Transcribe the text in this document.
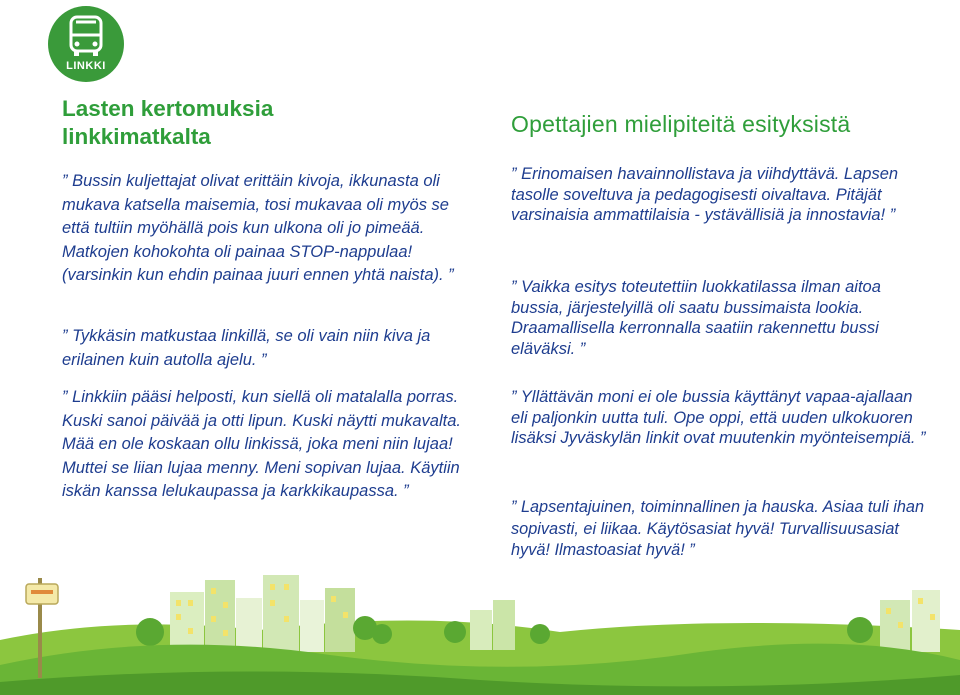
LINKKI
Lasten kertomuksia linkkimatkalta

” Bussin kuljettajat olivat erittäin kivoja, ikkunasta oli mukava katsella maisemia, tosi mukavaa oli myös se että tultiin myöhällä pois kun ulkona oli jo pimeää. Matkojen kohokohta oli painaa STOP-nappulaa! (varsinkin kun ehdin painaa juuri ennen yhtä naista). ”

” Tykkäsin matkustaa linkillä, se oli vain niin kiva ja erilainen kuin autolla ajelu. ”

” Linkkiin pääsi helposti, kun siellä oli matalalla porras. Kuski sanoi päivää ja otti lipun. Kuski näytti mukavalta. Mää en ole koskaan ollu linkissä, joka meni niin lujaa! Muttei se liian lujaa menny. Meni sopivan lujaa. Käytiin iskän kanssa lelukaupassa ja karkkikaupassa. ”

Opettajien mielipiteitä esityksistä

” Erinomaisen havainnollistava ja viihdyttävä. Lapsen tasolle soveltuva ja pedagogisesti oivaltava. Pitäjät varsinaisia ammattilaisia - ystävällisiä ja innostavia! ”

” Vaikka esitys toteutettiin luokkatilassa ilman aitoa bussia, järjestelyillä oli saatu bussimaista lookia. Draamallisella kerronnalla saatiin rakennettu bussi eläväksi. ”

” Yllättävän moni ei ole bussia käyttänyt vapaa-ajallaan eli paljonkin uutta tuli. Ope oppi, että uuden ulkokuoren lisäksi Jyväskylän linkit ovat muutenkin myönteisempiä. ”

” Lapsentajuinen, toiminnallinen ja hauska. Asiaa tuli ihan sopivasti, ei liikaa. Käytösasiat hyvä! Turvallisuusasiat hyvä! Ilmastoasiat hyvä! ”
